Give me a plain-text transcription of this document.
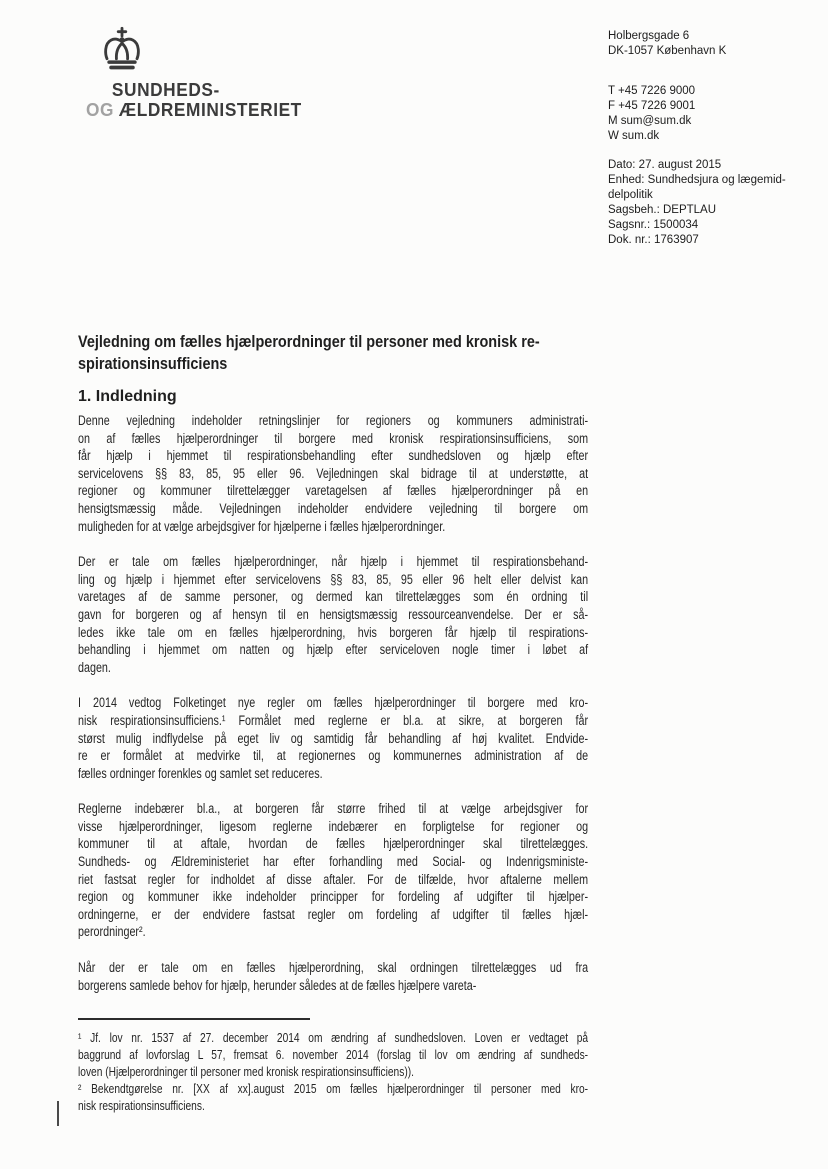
SUNDHEDS-
OG ÆLDREMINISTERIET
Holbergsgade 6
DK-1057 København K
T +45 7226 9000
F +45 7226 9001
M sum@sum.dk
W sum.dk
Dato: 27. august 2015
Enhed: Sundhedsjura og lægemid-
delpolitik
Sagsbeh.: DEPTLAU
Sagsnr.: 1500034
Dok. nr.: 1763907
Vejledning om fælles hjælperordninger til personer med kronisk re-
spirationsinsufficiens
1. Indledning
Denne vejledning indeholder retningslinjer for regioners og kommuners administrati-
on af fælles hjælperordninger til borgere med kronisk respirationsinsufficiens, som
får hjælp i hjemmet til respirationsbehandling efter sundhedsloven og hjælp efter
servicelovens §§ 83, 85, 95 eller 96. Vejledningen skal bidrage til at understøtte, at
regioner og kommuner tilrettelægger varetagelsen af fælles hjælperordninger på en
hensigtsmæssig måde. Vejledningen indeholder endvidere vejledning til borgere om
muligheden for at vælge arbejdsgiver for hjælperne i fælles hjælperordninger.
Der er tale om fælles hjælperordninger, når hjælp i hjemmet til respirationsbehand-
ling og hjælp i hjemmet efter servicelovens §§ 83, 85, 95 eller 96 helt eller delvist kan
varetages af de samme personer, og dermed kan tilrettelægges som én ordning til
gavn for borgeren og af hensyn til en hensigtsmæssig ressourceanvendelse. Der er så-
ledes ikke tale om en fælles hjælperordning, hvis borgeren får hjælp til respirations-
behandling i hjemmet om natten og hjælp efter serviceloven nogle timer i løbet af
dagen.
I 2014 vedtog Folketinget nye regler om fælles hjælperordninger til borgere med kro-
nisk respirationsinsufficiens.¹ Formålet med reglerne er bl.a. at sikre, at borgeren får
størst mulig indflydelse på eget liv og samtidig får behandling af høj kvalitet. Endvide-
re er formålet at medvirke til, at regionernes og kommunernes administration af de
fælles ordninger forenkles og samlet set reduceres.
Reglerne indebærer bl.a., at borgeren får større frihed til at vælge arbejdsgiver for
visse hjælperordninger, ligesom reglerne indebærer en forpligtelse for regioner og
kommuner til at aftale, hvordan de fælles hjælperordninger skal tilrettelægges.
Sundheds- og Ældreministeriet har efter forhandling med Social- og Indenrigsministe-
riet fastsat regler for indholdet af disse aftaler. For de tilfælde, hvor aftalerne mellem
region og kommuner ikke indeholder principper for fordeling af udgifter til hjælper-
ordningerne, er der endvidere fastsat regler om fordeling af udgifter til fælles hjæl-
perordninger².
Når der er tale om en fælles hjælperordning, skal ordningen tilrettelægges ud fra
borgerens samlede behov for hjælp, herunder således at de fælles hjælpere vareta-
¹ Jf. lov nr. 1537 af 27. december 2014 om ændring af sundhedsloven. Loven er vedtaget på
baggrund af lovforslag L 57, fremsat 6. november 2014 (forslag til lov om ændring af sundheds-
loven (Hjælperordninger til personer med kronisk respirationsinsufficiens)).
² Bekendtgørelse nr. [XX af xx].august 2015 om fælles hjælperordninger til personer med kro-
nisk respirationsinsufficiens.
